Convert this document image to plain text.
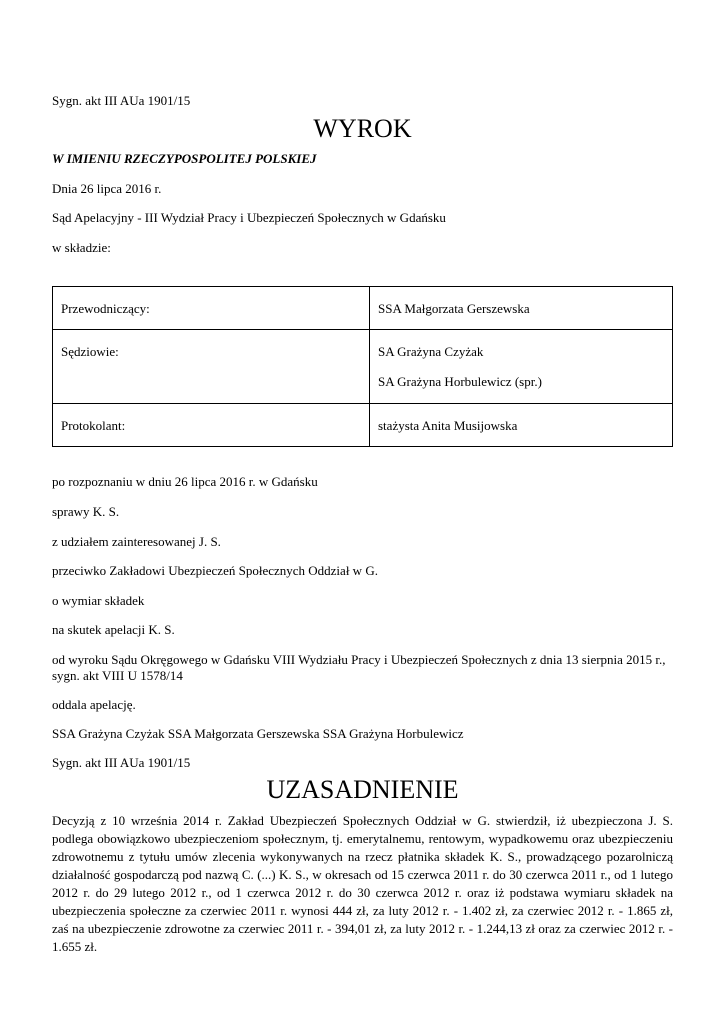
Sygn. akt III AUa 1901/15
WYROK
W IMIENIU RZECZYPOSPOLITEJ POLSKIEJ
Dnia 26 lipca 2016 r.
Sąd Apelacyjny - III Wydział Pracy i Ubezpieczeń Społecznych w Gdańsku
w składzie:
Przewodniczący:	SSA Małgorzata Gerszewska
Sędziowie:	SA Grażyna Czyżak
SA Grażyna Horbulewicz (spr.)

Protokolant:	stażysta Anita Musijowska
po rozpoznaniu w dniu 26 lipca 2016 r. w Gdańsku
sprawy K. S.
z udziałem zainteresowanej J. S.
przeciwko Zakładowi Ubezpieczeń Społecznych Oddział w G.
o wymiar składek
na skutek apelacji K. S.
od wyroku Sądu Okręgowego w Gdańsku VIII Wydziału Pracy i Ubezpieczeń Społecznych z dnia 13 sierpnia 2015 r.,
sygn. akt VIII U 1578/14
oddala apelację.
SSA Grażyna Czyżak SSA Małgorzata Gerszewska SSA Grażyna Horbulewicz
Sygn. akt III AUa 1901/15
UZASADNIENIE
Decyzją z 10 września 2014 r. Zakład Ubezpieczeń Społecznych Oddział w G. stwierdził, iż ubezpieczona J. S. podlega obowiązkowo ubezpieczeniom społecznym, tj. emerytalnemu, rentowym, wypadkowemu oraz ubezpieczeniu zdrowotnemu z tytułu umów zlecenia wykonywanych na rzecz płatnika składek K. S., prowadzącego pozarolniczą działalność gospodarczą pod nazwą C. (...) K. S., w okresach od 15 czerwca 2011 r. do 30 czerwca 2011 r., od 1 lutego 2012 r. do 29 lutego 2012 r., od 1 czerwca 2012 r. do 30 czerwca 2012 r. oraz iż podstawa wymiaru składek na ubezpieczenia społeczne za czerwiec 2011 r. wynosi 444 zł, za luty 2012 r. - 1.402 zł, za czerwiec 2012 r. - 1.865 zł, zaś na ubezpieczenie zdrowotne za czerwiec 2011 r. - 394,01 zł, za luty 2012 r. - 1.244,13 zł oraz za czerwiec 2012 r. - 1.655 zł.
